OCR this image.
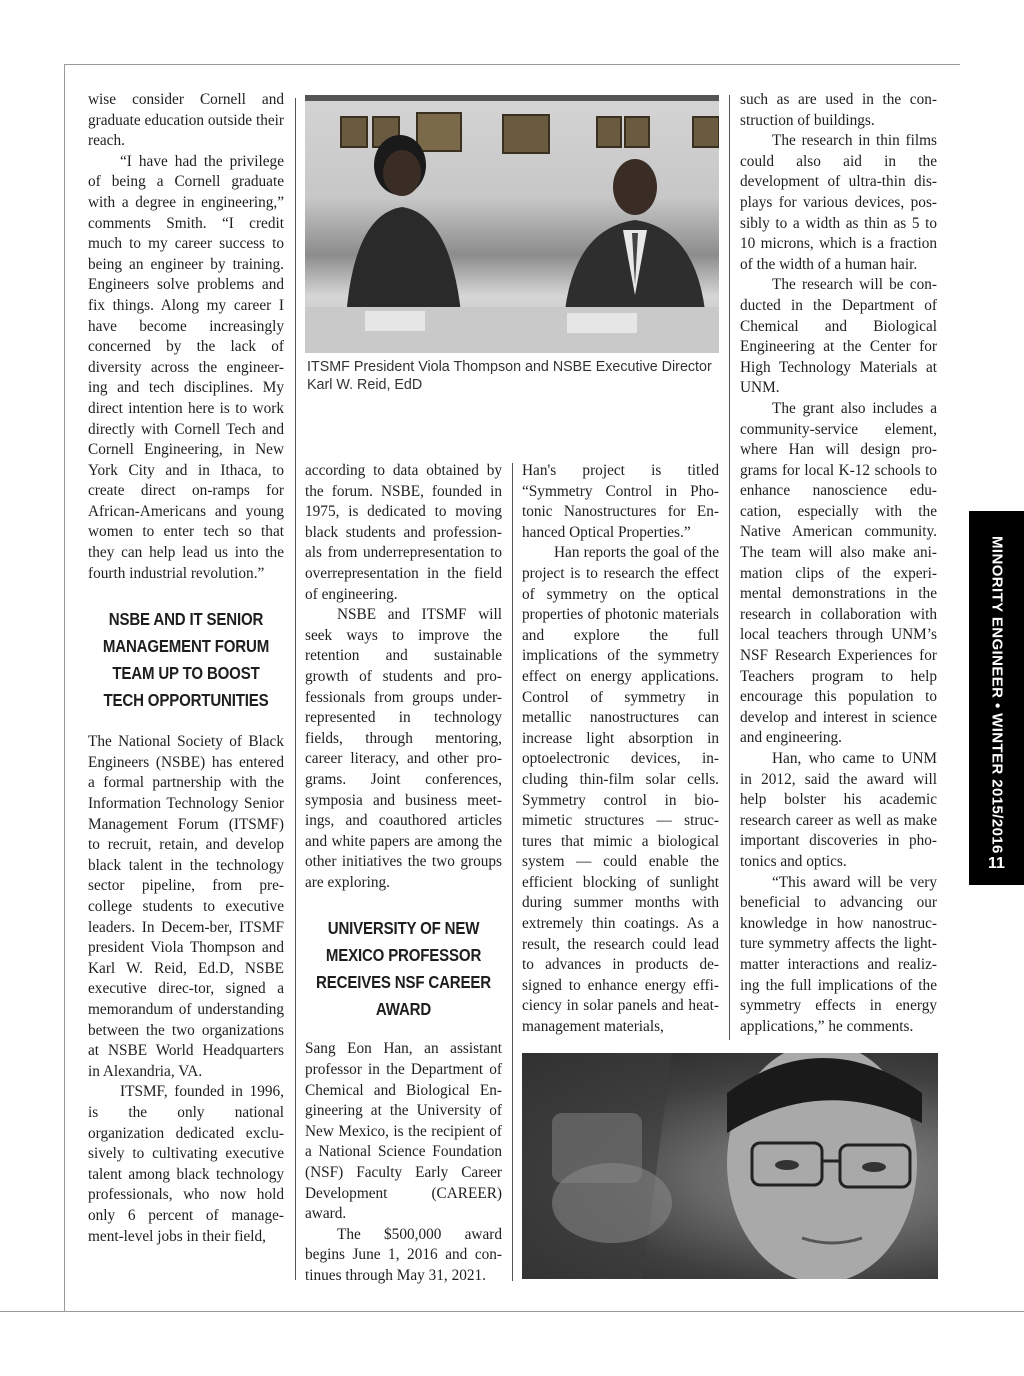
wise consider Cornell and graduate education outside their reach.

“I have had the privilege of being a Cornell graduate with a degree in engineering,” comments Smith. “I credit much to my career success to being an engineer by training. Engineers solve problems and fix things. Along my career I have become increasingly concerned by the lack of diversity across the engineer-ing and tech disciplines. My direct intention here is to work directly with Cornell Tech and Cornell Engineering, in New York City and in Ithaca, to create direct on-ramps for African-Americans and young women to enter tech so that they can help lead us into the fourth industrial revolution.”

NSBE AND IT SENIOR MANAGEMENT FORUM TEAM UP TO BOOST TECH OPPORTUNITIES

The National Society of Black Engineers (NSBE) has entered a formal partnership with the Information Technology Senior Management Forum (ITSMF) to recruit, retain, and develop black talent in the technology sector pipeline, from pre-college students to executive leaders. In Decem-ber, ITSMF president Viola Thompson and Karl W. Reid, Ed.D, NSBE executive direc-tor, signed a memorandum of understanding between the two organizations at NSBE World Headquarters in Alexandria, VA.

ITSMF, founded in 1996, is the only national organization dedicated exclu-sively to cultivating executive talent among black technology professionals, who now hold only 6 percent of manage-ment-level jobs in their field,

ITSMF President Viola Thompson and NSBE Executive Director Karl W. Reid, EdD

according to data obtained by the forum. NSBE, founded in 1975, is dedicated to moving black students and profession-als from underrepresentation to overrepresentation in the field of engineering.

NSBE and ITSMF will seek ways to improve the retention and sustainable growth of students and pro-fessionals from groups under-represented in technology fields, through mentoring, career literacy, and other pro-grams. Joint conferences, symposia and business meet-ings, and coauthored articles and white papers are among the other initiatives the two groups are exploring.

UNIVERSITY OF NEW MEXICO PROFESSOR RECEIVES NSF CAREER AWARD

Sang Eon Han, an assistant professor in the Department of Chemical and Biological En-gineering at the University of New Mexico, is the recipient of a National Science Foundation (NSF) Faculty Early Career Development (CAREER) award.

The $500,000 award begins June 1, 2016 and con-tinues through May 31, 2021.

Han's project is titled “Symmetry Control in Pho-tonic Nanostructures for En-hanced Optical Properties.”

Han reports the goal of the project is to research the effect of symmetry on the optical properties of photonic materials and explore the full implications of the symmetry effect on energy applications. Control of symmetry in metallic nanostructures can increase light absorption in optoelectronic devices, in-cluding thin-film solar cells. Symmetry control in bio-mimetic structures — struc-tures that mimic a biological system — could enable the efficient blocking of sunlight during summer months with extremely thin coatings. As a result, the research could lead to advances in products de-signed to enhance energy effi-ciency in solar panels and heat-management materials,

such as are used in the con-struction of buildings.

The research in thin films could also aid in the development of ultra-thin dis-plays for various devices, pos-sibly to a width as thin as 5 to 10 microns, which is a fraction of the width of a human hair.

The research will be con-ducted in the Department of Chemical and Biological Engineering at the Center for High Technology Materials at UNM.

The grant also includes a community-service element, where Han will design pro-grams for local K-12 schools to enhance nanoscience edu-cation, especially with the Native American community. The team will also make ani-mation clips of the experi-mental demonstrations in the research in collaboration with local teachers through UNM’s NSF Research Experiences for Teachers program to help encourage this population to develop and interest in science and engineering.

Han, who came to UNM in 2012, said the award will help bolster his academic research career as well as make important discoveries in pho-tonics and optics.

“This award will be very beneficial to advancing our knowledge in how nanostruc-ture symmetry affects the light-matter interactions and realiz-ing the full implications of the symmetry effects in energy applications,” he comments.

MINORITY ENGINEER • WINTER 2015/2016
11
